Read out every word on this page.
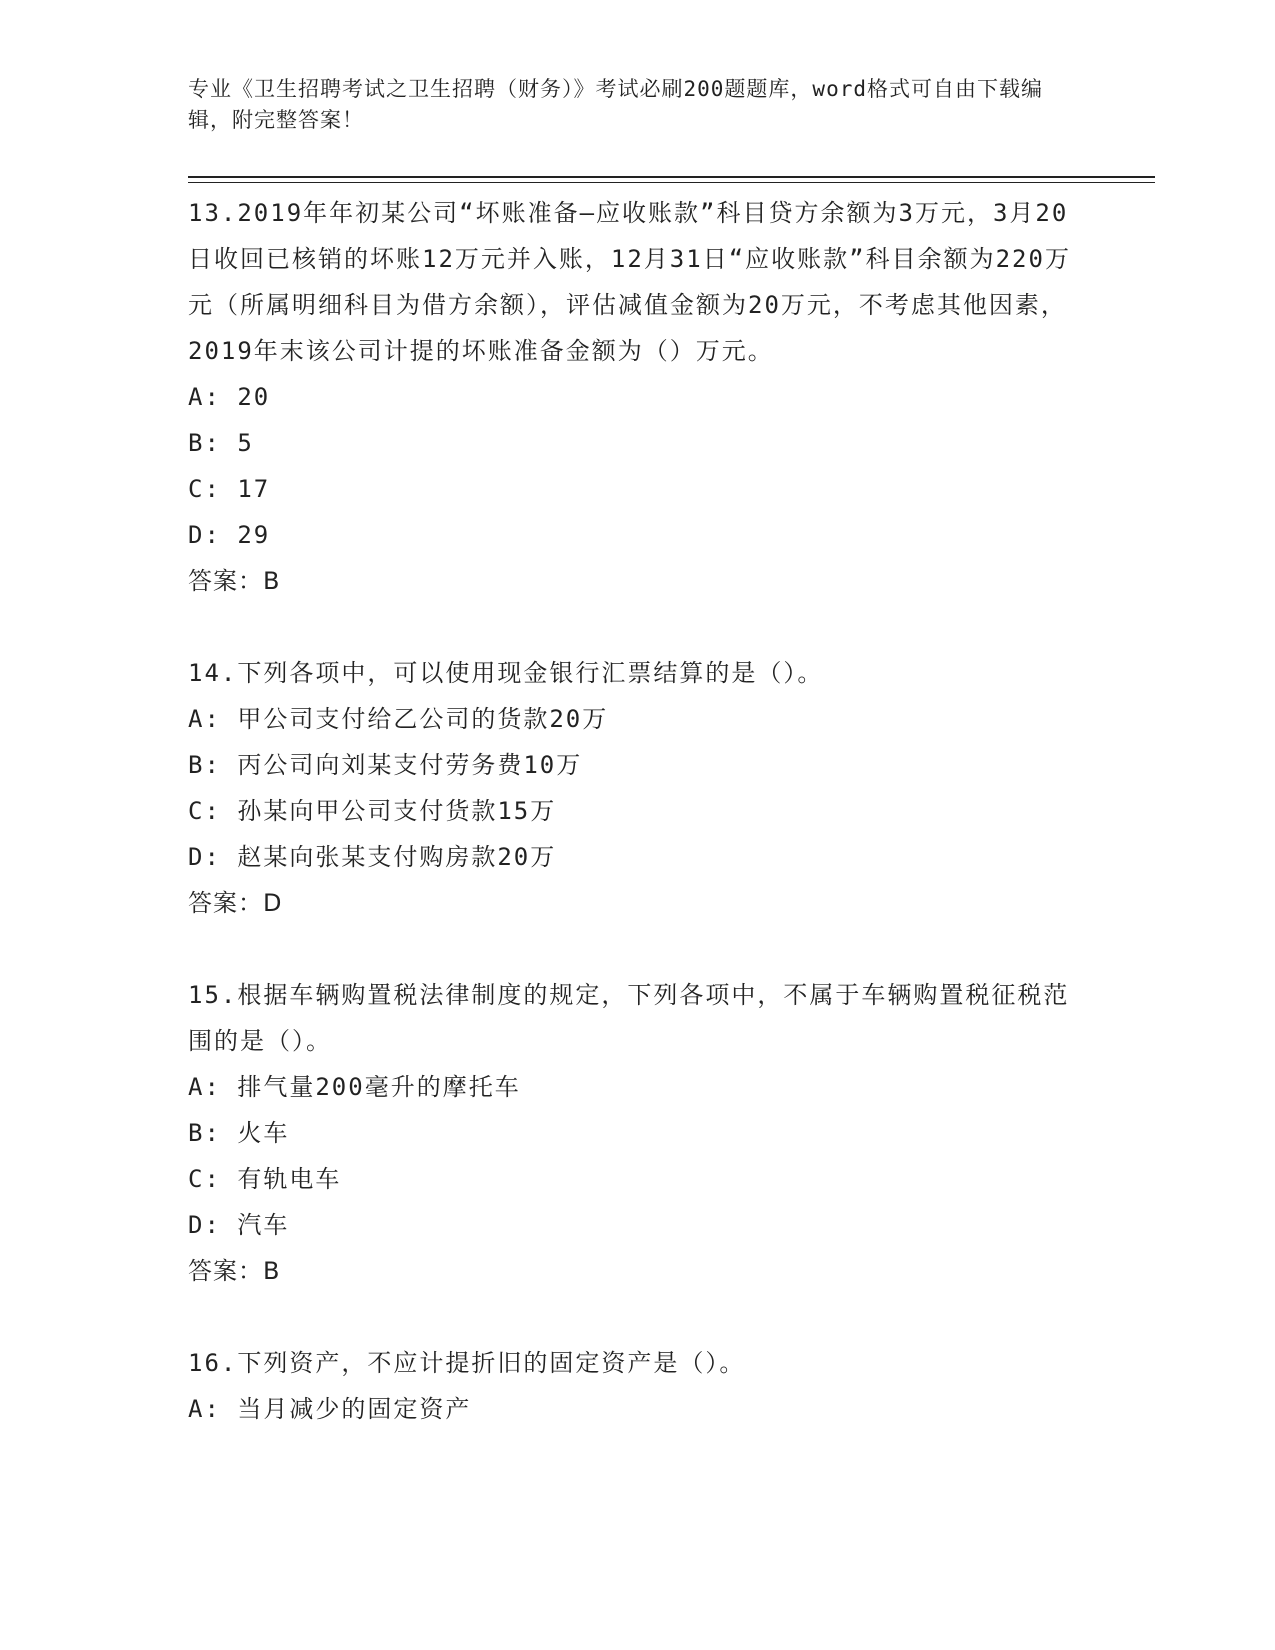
专业《卫生招聘考试之卫生招聘（财务）》考试必刷200题题库，word格式可自由下载编辑，附完整答案！

13.2019年年初某公司“坏账准备—应收账款”科目贷方余额为3万元，3月20日收回已核销的坏账12万元并入账，12月31日“应收账款”科目余额为220万元（所属明细科目为借方余额），评估减值金额为20万元，不考虑其他因素，2019年末该公司计提的坏账准备金额为（）万元。

A: 20

B: 5

C: 17

D: 29

答案：B

14.下列各项中，可以使用现金银行汇票结算的是（）。

A: 甲公司支付给乙公司的货款20万

B: 丙公司向刘某支付劳务费10万

C: 孙某向甲公司支付货款15万

D: 赵某向张某支付购房款20万

答案：D

15.根据车辆购置税法律制度的规定，下列各项中，不属于车辆购置税征税范围的是（）。

A: 排气量200毫升的摩托车

B: 火车

C: 有轨电车

D: 汽车

答案：B

16.下列资产，不应计提折旧的固定资产是（）。

A: 当月减少的固定资产
